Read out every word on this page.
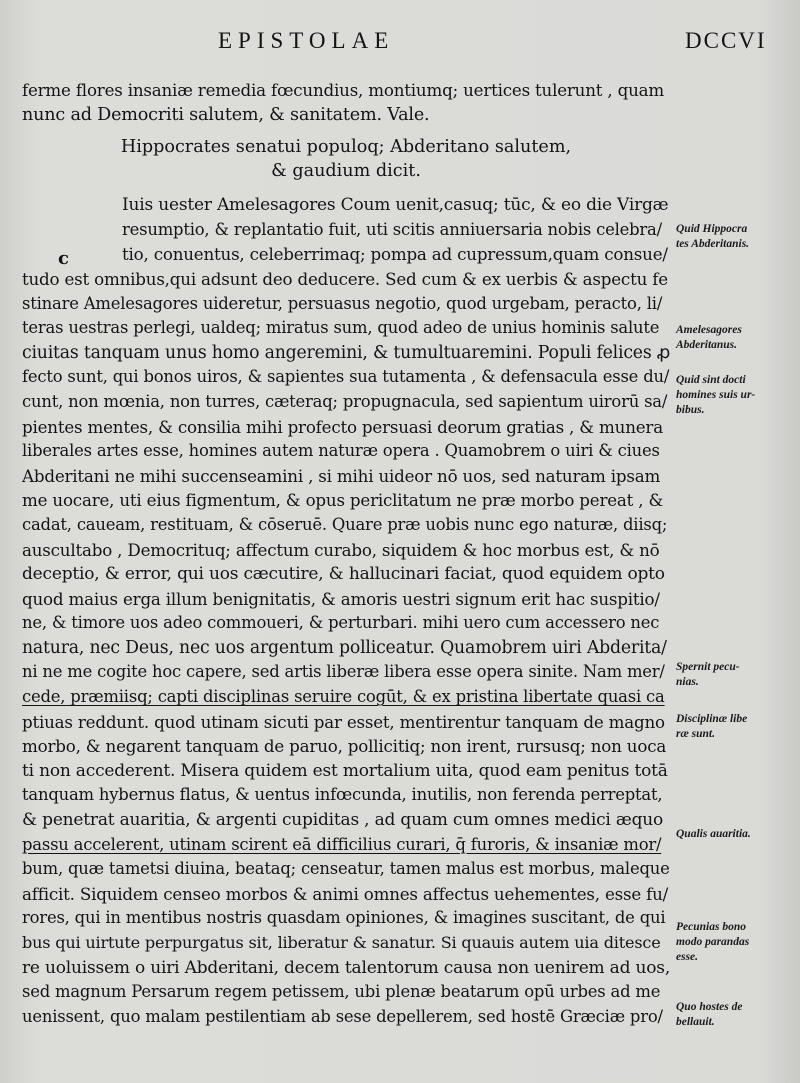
EPISTOLAE	DCCVI
ferme flores insaniæ remedia fœcundius, montiumq; uertices tulerunt , quam
nunc ad Democriti salutem, & sanitatem. Vale.
Hippocrates senatui populoq; Abderitano salutem,
& gaudium dicit.
Iuis uester Amelesagores Coum uenit,casuq; tūc, & eo die Virgæ
resumptio, & replantatio fuit, uti scitis anniuersaria nobis celebra/
tio, conuentus, celeberrimaq; pompa ad cupressum,quam consue/
tudo est omnibus,qui adsunt deo deducere. Sed cum & ex uerbis & aspectu fe
stinare Amelesagores uideretur, persuasus negotio, quod urgebam, peracto, li/
teras uestras perlegi, ualdeq; miratus sum, quod adeo de unius hominis salute
ciuitas tanquam unus homo angeremini, & tumultuaremini. Populi felices ꝓ
fecto sunt, qui bonos uiros, & sapientes sua tutamenta , & defensacula esse du/
cunt, non mœnia, non turres, cæteraq; propugnacula, sed sapientum uirorū sa/
pientes mentes, & consilia mihi profecto persuasi deorum gratias , & munera
liberales artes esse, homines autem naturæ opera . Quamobrem o uiri & ciues
Abderitani ne mihi succenseamini , si mihi uideor nō uos, sed naturam ipsam
me uocare, uti eius figmentum, & opus periclitatum ne præ morbo pereat , &
cadat, caueam, restituam, & cōseruē. Quare præ uobis nunc ego naturæ, diisq;
auscultabo , Democrituq; affectum curabo, siquidem & hoc morbus est, & nō
deceptio, & error, qui uos cæcutire, & hallucinari faciat, quod equidem opto
quod maius erga illum benignitatis, & amoris uestri signum erit hac suspitio/
ne, & timore uos adeo commoueri, & perturbari. mihi uero cum accessero nec
natura, nec Deus, nec uos argentum polliceatur. Quamobrem uiri Abderita/
ni ne me cogite hoc capere, sed artis liberæ libera esse opera sinite. Nam mer/
cede, præmiisq; capti disciplinas seruire cogūt, & ex pristina libertate quasi ca
ptiuas reddunt. quod utinam sicuti par esset, mentirentur tanquam de magno
morbo, & negarent tanquam de paruo, pollicitiq; non irent, rursusq; non uoca
ti non accederent. Misera quidem est mortalium uita, quod eam penitus totā
tanquam hybernus flatus, & uentus infœcunda, inutilis, non ferenda perreptat,
& penetrat auaritia, & argenti cupiditas , ad quam cum omnes medici æquo
passu accelerent, utinam scirent eā difficilius curari, q̄ furoris, & insaniæ mor/
bum, quæ tametsi diuina, beataq; censeatur, tamen malus est morbus, maleque
afficit. Siquidem censeo morbos & animi omnes affectus uehementes, esse fu/
rores, qui in mentibus nostris quasdam opiniones, & imagines suscitant, de qui
bus qui uirtute perpurgatus sit, liberatur & sanatur. Si quauis autem uia ditesce
re uoluissem o uiri Abderitani, decem talentorum causa non uenirem ad uos,
sed magnum Persarum regem petissem, ubi plenæ beatarum opū urbes ad me
uenissent, quo malam pestilentiam ab sese depellerem, sed hostē Græciæ pro/
c
Quid Hippocra
tes Abderitanis.
Amelesagores
Abderitanus.
Quid sint docti
homines suis ur-
bibus.
Spernit pecu-
nias.
Disciplinæ libe
ræ sunt.
Qualis auaritia.
Pecunias bono
modo parandas
esse.
Quo hostes de
bellauit.
